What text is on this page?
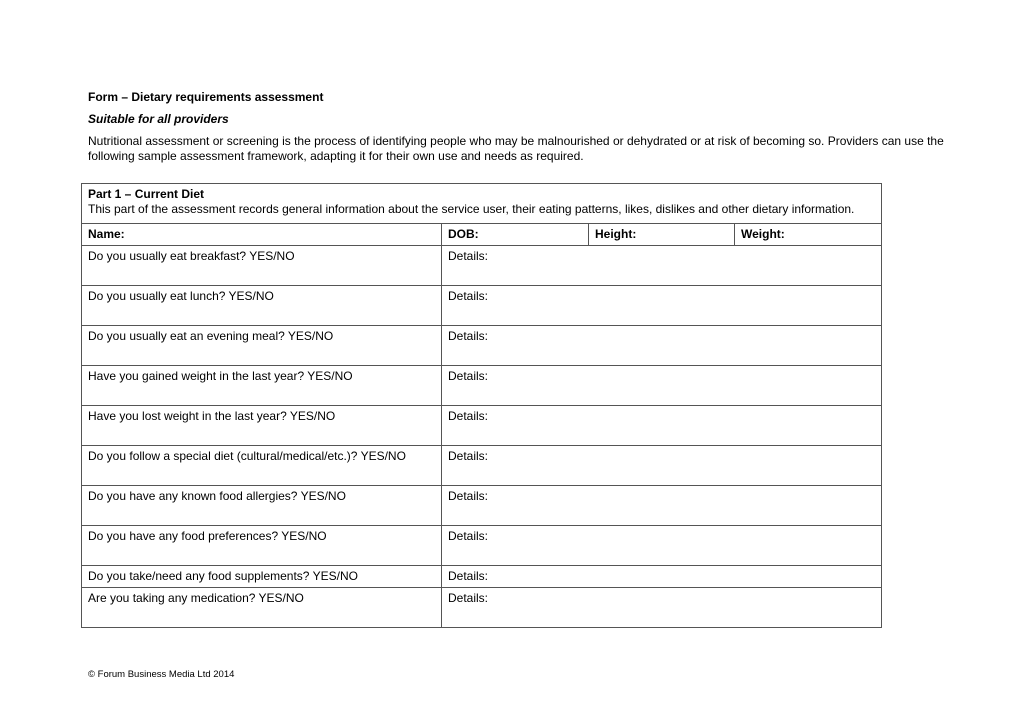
Form – Dietary requirements assessment
Suitable for all providers
Nutritional assessment or screening is the process of identifying people who may be malnourished or dehydrated or at risk of becoming so. Providers can use the following sample assessment framework, adapting it for their own use and needs as required.
Part 1 – Current Diet
This part of the assessment records general information about the service user, their eating patterns, likes, dislikes and other dietary information.			
Name:	DOB:	Height:	Weight:
Do you usually eat breakfast? YES/NO	Details:		
Do you usually eat lunch? YES/NO	Details:		
Do you usually eat an evening meal? YES/NO	Details:		
Have you gained weight in the last year? YES/NO	Details:		
Have you lost weight in the last year? YES/NO	Details:		
Do you follow a special diet (cultural/medical/etc.)? YES/NO	Details:		
Do you have any known food allergies? YES/NO	Details:		
Do you have any food preferences? YES/NO	Details:		
Do you take/need any food supplements? YES/NO	Details:		
Are you taking any medication? YES/NO	Details:		
© Forum Business Media Ltd 2014
